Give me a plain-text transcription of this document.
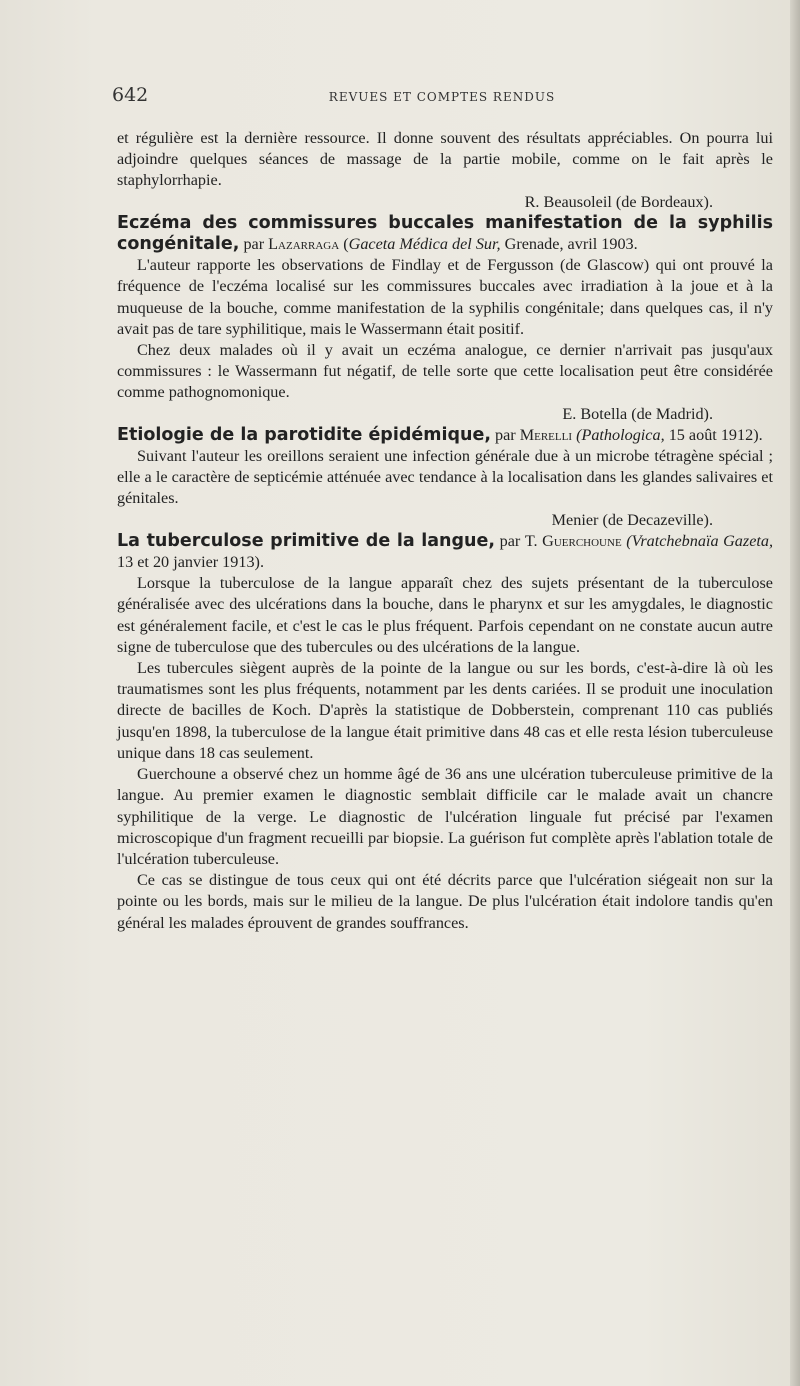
642	REVUES ET COMPTES RENDUS

et régulière est la dernière ressource. Il donne souvent des résultats appréciables. On pourra lui adjoindre quelques séances de massage de la partie mobile, comme on le fait après le staphylorrhapie.

R. Beausoleil (de Bordeaux).

Eczéma des commissures buccales manifestation de la syphilis congénitale, par Lazarraga (Gaceta Médica del Sur, Grenade, avril 1903.

L'auteur rapporte les observations de Findlay et de Fergusson (de Glascow) qui ont prouvé la fréquence de l'eczéma localisé sur les commissures buccales avec irradiation à la joue et à la muqueuse de la bouche, comme manifestation de la syphilis congénitale; dans quelques cas, il n'y avait pas de tare syphilitique, mais le Wassermann était positif.

Chez deux malades où il y avait un eczéma analogue, ce dernier n'arrivait pas jusqu'aux commissures : le Wassermann fut négatif, de telle sorte que cette localisation peut être considérée comme pathognomonique.

E. Botella (de Madrid).

Etiologie de la parotidite épidémique, par Merelli (Pathologica, 15 août 1912).

Suivant l'auteur les oreillons seraient une infection générale due à un microbe tétragène spécial ; elle a le caractère de septicémie atténuée avec tendance à la localisation dans les glandes salivaires et génitales.

Menier (de Decazeville).

La tuberculose primitive de la langue, par T. Guerchoune (Vratchebnaïa Gazeta, 13 et 20 janvier 1913).

Lorsque la tuberculose de la langue apparaît chez des sujets présentant de la tuberculose généralisée avec des ulcérations dans la bouche, dans le pharynx et sur les amygdales, le diagnostic est généralement facile, et c'est le cas le plus fréquent. Parfois cependant on ne constate aucun autre signe de tuberculose que des tubercules ou des ulcérations de la langue.

Les tubercules siègent auprès de la pointe de la langue ou sur les bords, c'est-à-dire là où les traumatismes sont les plus fréquents, notamment par les dents cariées. Il se produit une inoculation directe de bacilles de Koch. D'après la statistique de Dobberstein, comprenant 110 cas publiés jusqu'en 1898, la tuberculose de la langue était primitive dans 48 cas et elle resta lésion tuberculeuse unique dans 18 cas seulement.

Guerchoune a observé chez un homme âgé de 36 ans une ulcération tuberculeuse primitive de la langue. Au premier examen le diagnostic semblait difficile car le malade avait un chancre syphilitique de la verge. Le diagnostic de l'ulcération linguale fut précisé par l'examen microscopique d'un fragment recueilli par biopsie. La guérison fut complète après l'ablation totale de l'ulcération tuberculeuse.

Ce cas se distingue de tous ceux qui ont été décrits parce que l'ulcération siégeait non sur la pointe ou les bords, mais sur le milieu de la langue. De plus l'ulcération était indolore tandis qu'en général les malades éprouvent de grandes souffrances.
